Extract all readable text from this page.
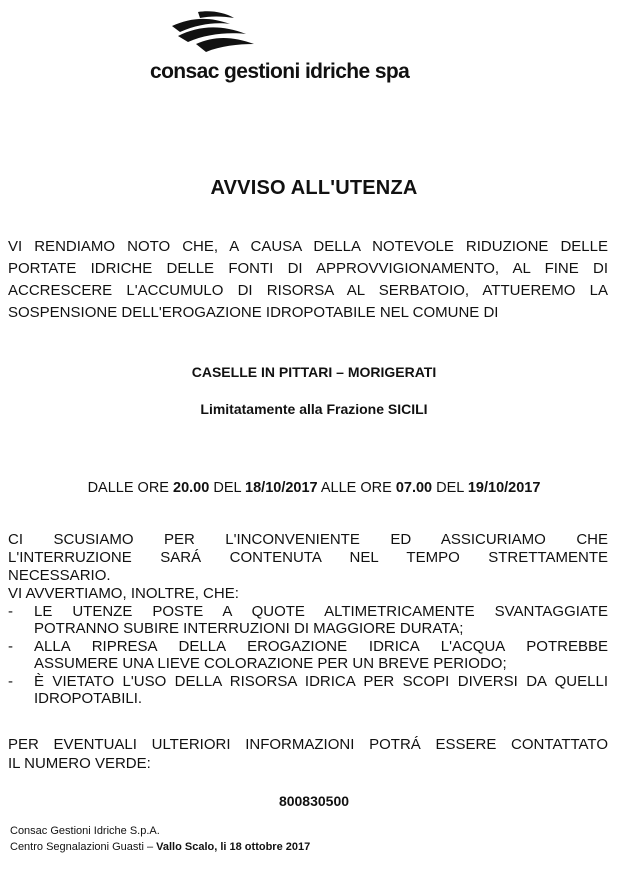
consac gestioni idriche spa
AVVISO ALL'UTENZA
VI RENDIAMO NOTO CHE, A CAUSA DELLA NOTEVOLE RIDUZIONE DELLE
PORTATE IDRICHE DELLE FONTI DI APPROVVIGIONAMENTO, AL FINE DI
ACCRESCERE L'ACCUMULO DI RISORSA AL SERBATOIO, ATTUEREMO LA
SOSPENSIONE DELL'EROGAZIONE IDROPOTABILE NEL COMUNE DI
CASELLE IN PITTARI – MORIGERATI
Limitatamente alla Frazione SICILI
DALLE ORE 20.00 DEL 18/10/2017 ALLE ORE 07.00 DEL 19/10/2017
CI SCUSIAMO PER L'INCONVENIENTE ED ASSICURIAMO CHE
L'INTERRUZIONE SARÁ CONTENUTA NEL TEMPO STRETTAMENTE
NECESSARIO.
VI AVVERTIAMO, INOLTRE, CHE:
- LE UTENZE POSTE A QUOTE ALTIMETRICAMENTE SVANTAGGIATE
POTRANNO SUBIRE INTERRUZIONI DI MAGGIORE DURATA;
- ALLA RIPRESA DELLA EROGAZIONE IDRICA L'ACQUA POTREBBE
ASSUMERE UNA LIEVE COLORAZIONE PER UN BREVE PERIODO;
- È VIETATO L'USO DELLA RISORSA IDRICA PER SCOPI DIVERSI DA QUELLI
IDROPOTABILI.
PER EVENTUALI ULTERIORI INFORMAZIONI POTRÁ ESSERE CONTATTATO
IL NUMERO VERDE:
800830500
Consac Gestioni Idriche S.p.A.
Centro Segnalazioni Guasti – Vallo Scalo, li 18 ottobre 2017
